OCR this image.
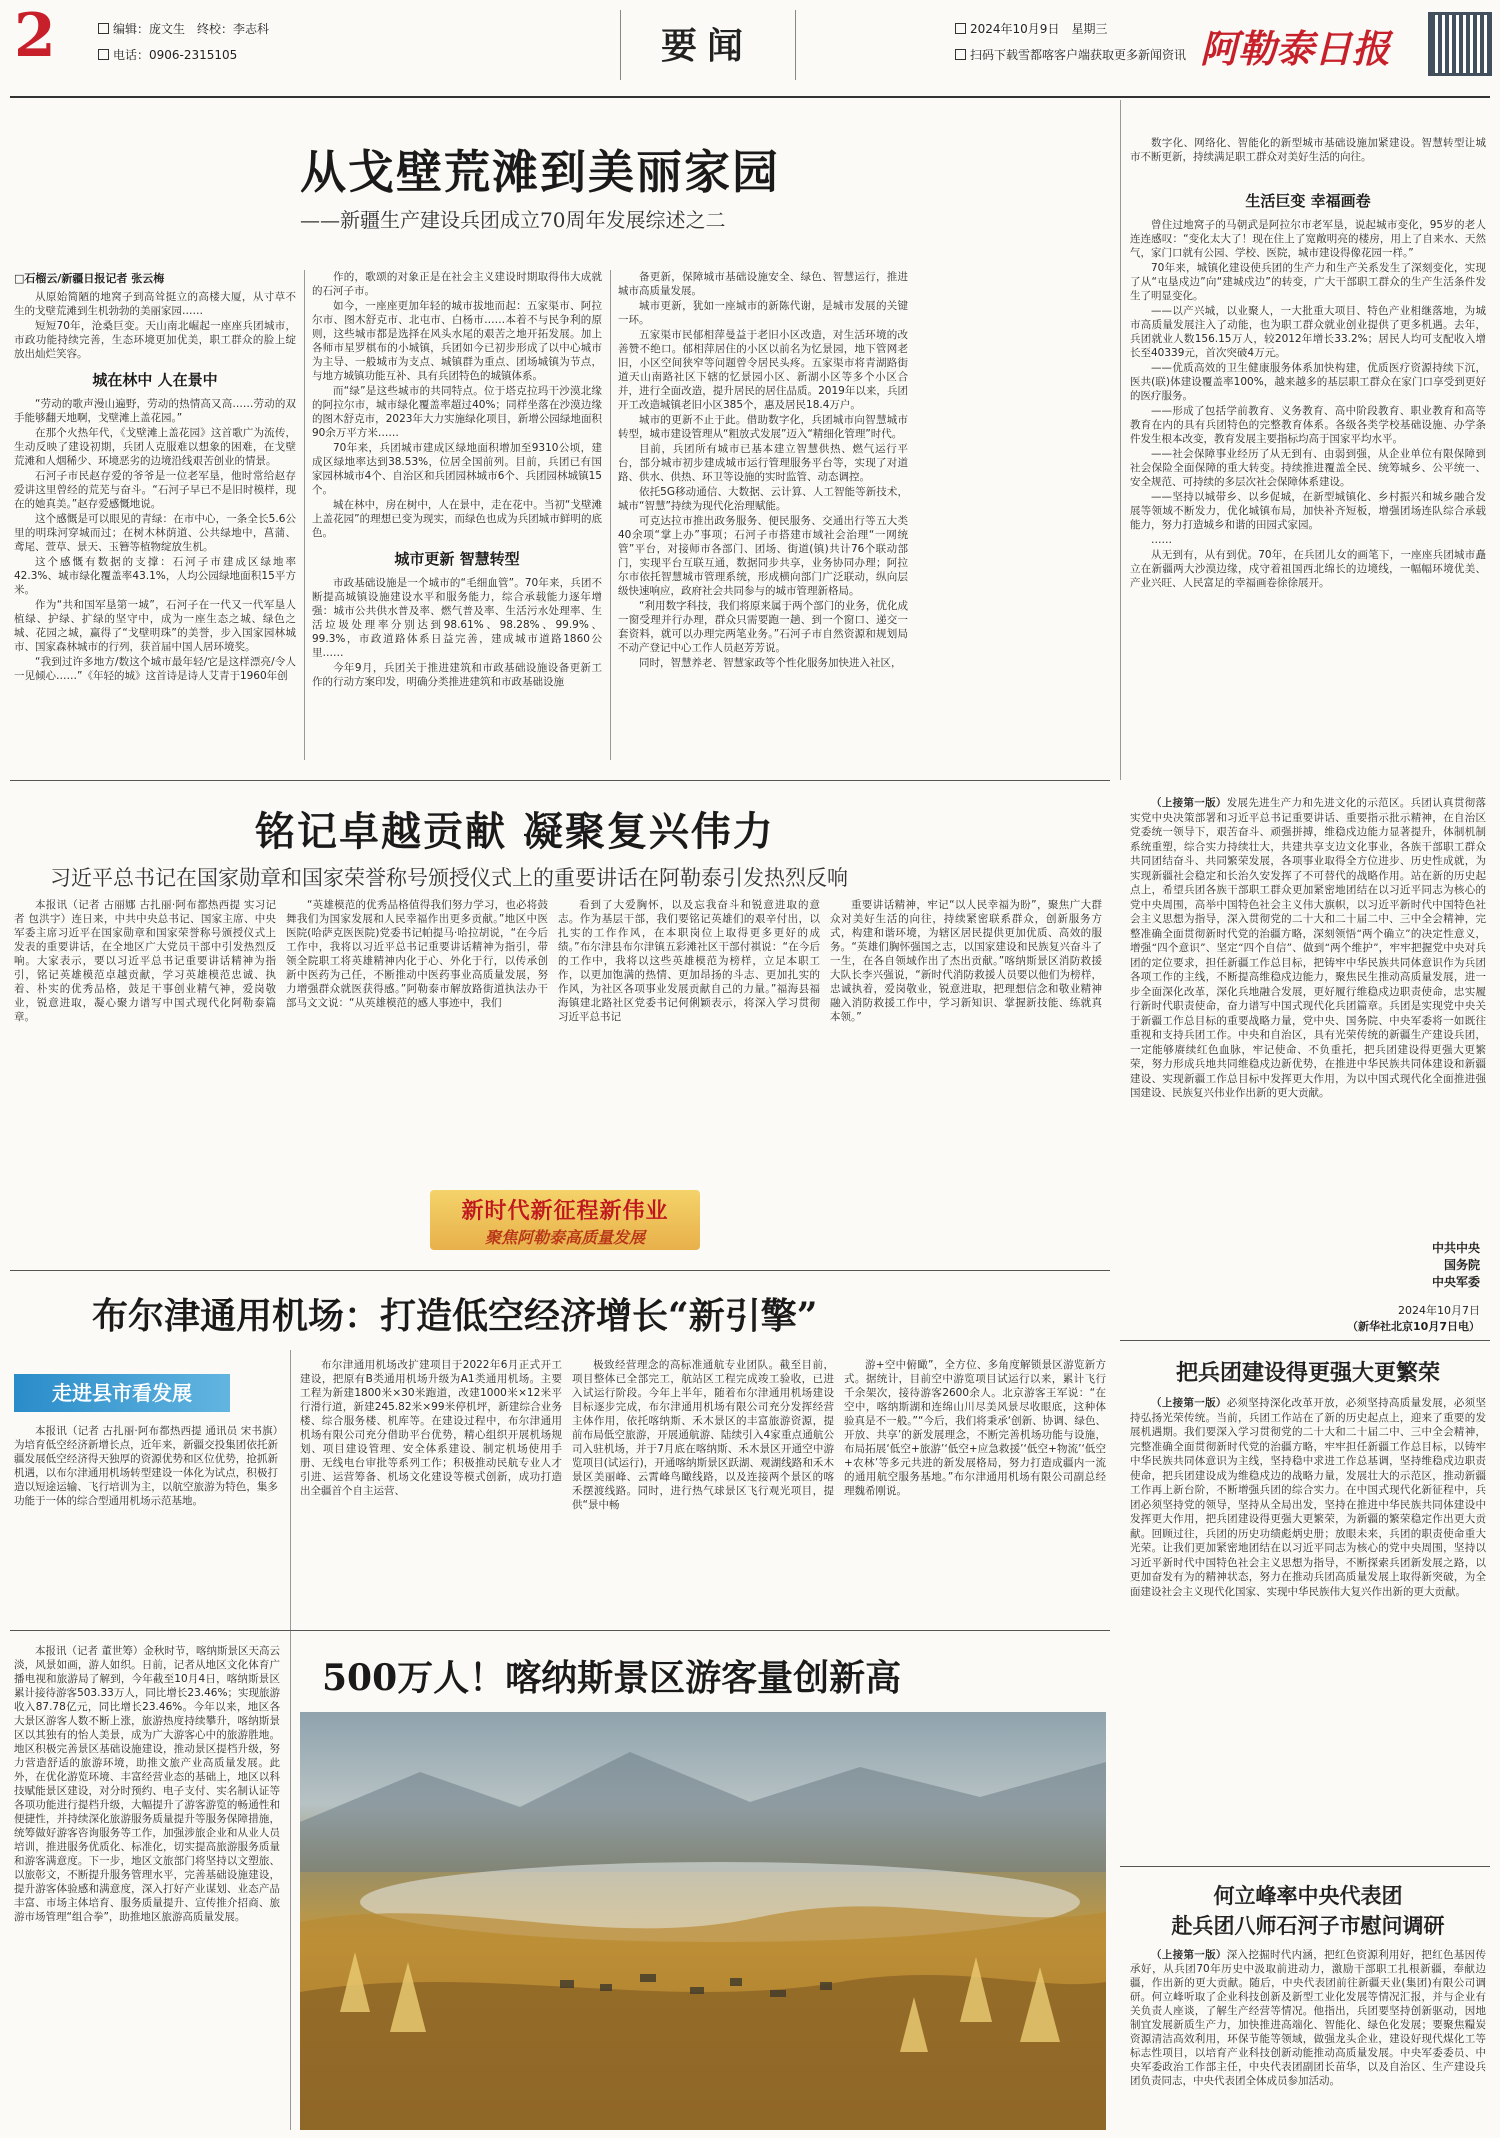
2	编辑：庞文生　终校：李志科
电话：0906-2315105	要闻	2024年10月9日　星期三
扫码下载雪都喀客户端获取更多新闻资讯 阿勒泰日报
从戈壁荒滩到美丽家园
——新疆生产建设兵团成立70周年发展综述之二
□石榴云/新疆日报记者 张云梅

从原始简陋的地窝子到高耸挺立的高楼大厦，从寸草不生的戈壁荒滩到生机勃勃的美丽家园……

短短70年，沧桑巨变。天山南北崛起一座座兵团城市，市政功能持续完善，生态环境更加优美，职工群众的脸上绽放出灿烂笑容。

城在林中 人在景中

“劳动的歌声漫山遍野，劳动的热情高又高……劳动的双手能够翻天地啊，戈壁滩上盖花园。”

在那个火热年代，《戈壁滩上盖花园》这首歌广为流传，生动反映了建设初期，兵团人克服难以想象的困难，在戈壁荒滩和人烟稀少、环境恶劣的边境沿线艰苦创业的情景。

石河子市民赵存爱的爷爷是一位老军垦，他时常给赵存爱讲这里曾经的荒芜与奋斗。“石河子早已不是旧时模样，现在的她真美。”赵存爱感慨地说。

这个感慨是可以眼见的青绿：在市中心，一条全长5.6公里的明珠河穿城而过；在树木林荫道、公共绿地中，菖蒲、鸢尾、萱草、景天、玉簪等植物绽放生机。

这个感慨有数据的支撑：石河子市建成区绿地率42.3%、城市绿化覆盖率43.1%，人均公园绿地面积15平方米。

作为“共和国军垦第一城”，石河子在一代又一代军垦人植绿、护绿、扩绿的坚守中，成为一座生态之城、绿色之城、花园之城，赢得了“戈壁明珠”的美誉，步入国家园林城市、国家森林城市的行列，获首届中国人居环境奖。

“我到过许多地方/数这个城市最年轻/它是这样漂亮/令人一见倾心……”《年轻的城》这首诗是诗人艾青于1960年创

作的，歌颂的对象正是在社会主义建设时期取得伟大成就的石河子市。

如今，一座座更加年轻的城市拔地而起：五家渠市、阿拉尔市、图木舒克市、北屯市、白杨市……本着不与民争利的原则，这些城市都是选择在风头水尾的艰苦之地开拓发展。加上各师市星罗棋布的小城镇，兵团如今已初步形成了以中心城市为主导、一般城市为支点、城镇群为重点、团场城镇为节点，与地方城镇功能互补、具有兵团特色的城镇体系。

而“绿”是这些城市的共同特点。位于塔克拉玛干沙漠北缘的阿拉尔市，城市绿化覆盖率超过40%；同样坐落在沙漠边缘的图木舒克市，2023年大力实施绿化项目，新增公园绿地面积90余万平方米……

70年来，兵团城市建成区绿地面积增加至9310公顷，建成区绿地率达到38.53%，位居全国前列。目前，兵团已有国家园林城市4个、自治区和兵团园林城市6个、兵团园林城镇15个。

城在林中，房在树中，人在景中，走在花中。当初“戈壁滩上盖花园”的理想已变为现实，而绿色也成为兵团城市鲜明的底色。

城市更新 智慧转型

市政基础设施是一个城市的“毛细血管”。70年来，兵团不断提高城镇设施建设水平和服务能力，综合承载能力逐年增强：城市公共供水普及率、燃气普及率、生活污水处理率、生活垃圾处理率分别达到98.61%、98.28%、99.9%、99.3%，市政道路体系日益完善，建成城市道路1860公里……

今年9月，兵团关于推进建筑和市政基础设施设备更新工作的行动方案印发，明确分类推进建筑和市政基础设施

备更新，保障城市基础设施安全、绿色、智慧运行，推进城市高质量发展。

城市更新，犹如一座城市的新陈代谢，是城市发展的关键一环。

五家渠市民郁相萍曼益于老旧小区改造，对生活环境的改善赞不绝口。郁相萍居住的小区以前名为忆景园，地下管网老旧，小区空间狭窄等问题曾令居民头疼。五家渠市将青湖路街道天山南路社区下辖的忆景园小区、新湖小区等多个小区合并，进行全面改造，提升居民的居住品质。2019年以来，兵团开工改造城镇老旧小区385个，惠及居民18.4万户。

城市的更新不止于此。借助数字化，兵团城市向智慧城市转型，城市建设管理从“粗放式发展”迈入“精细化管理”时代。

目前，兵团所有城市已基本建立智慧供热、燃气运行平台，部分城市初步建成城市运行管理服务平台等，实现了对道路、供水、供热、环卫等设施的实时监管、动态调控。

依托5G移动通信、大数据、云计算、人工智能等新技术，城市“智慧”持续为现代化治理赋能。

可克达拉市推出政务服务、便民服务、交通出行等五大类40余项“掌上办”事项；石河子市搭建市域社会治理“一网统管”平台，对接师市各部门、团场、街道(镇)共计76个联动部门，实现平台互联互通，数据同步共享，业务协同办理；阿拉尔市依托智慧城市管理系统，形成横向部门广泛联动，纵向层级快速响应，政府社会共同参与的城市管理新格局。

“利用数字科技，我们将原来属于两个部门的业务，优化成一窗受理并行办理，群众只需要跑一趟、到一个窗口、递交一套资料，就可以办理完两笔业务。”石河子市自然资源和规划局不动产登记中心工作人员赵芳芳说。

同时，智慧养老、智慧家政等个性化服务加快进入社区，

数字化、网络化、智能化的新型城市基础设施加紧建设。智慧转型让城市不断更新，持续满足职工群众对美好生活的向往。

生活巨变 幸福画卷

曾住过地窝子的马朝武是阿拉尔市老军垦，说起城市变化，95岁的老人连连感叹：“变化太大了！现在住上了宽敞明亮的楼房，用上了自来水、天然气，家门口就有公园、学校、医院，城市建设得像花园一样。”

70年来，城镇化建设使兵团的生产力和生产关系发生了深刻变化，实现了从“屯垦戍边”向“建城戍边”的转变，广大干部职工群众的生产生活条件发生了明显变化。

——以产兴城，以业聚人，一大批重大项目、特色产业相继落地，为城市高质量发展注入了动能，也为职工群众就业创业提供了更多机遇。去年，兵团就业人数156.15万人，较2012年增长33.2%；居民人均可支配收入增长至40339元，首次突破4万元。

——优质高效的卫生健康服务体系加快构建，优质医疗资源持续下沉，医共(联)体建设覆盖率100%，越来越多的基层职工群众在家门口享受到更好的医疗服务。

——形成了包括学前教育、义务教育、高中阶段教育、职业教育和高等教育在内的具有兵团特色的完整教育体系。各级各类学校基础设施、办学条件发生根本改变，教育发展主要指标均高于国家平均水平。

——社会保障事业经历了从无到有、由弱到强，从企业单位有限保障到社会保险全面保障的重大转变。持续推进覆盖全民、统筹城乡、公平统一、安全规范、可持续的多层次社会保障体系建设。

——坚持以城带乡、以乡促城，在新型城镇化、乡村振兴和城乡融合发展等领域不断发力，优化城镇布局，加快补齐短板，增强团场连队综合承载能力，努力打造城乡和谐的田园式家园。

……

从无到有，从有到优。70年，在兵团儿女的画笔下，一座座兵团城市矗立在新疆两大沙漠边缘，戍守着祖国西北绵长的边境线，一幅幅环境优美、产业兴旺、人民富足的幸福画卷徐徐展开。

铭记卓越贡献 凝聚复兴伟力
习近平总书记在国家勋章和国家荣誉称号颁授仪式上的重要讲话在阿勒泰引发热烈反响

本报讯（记者 古丽娜 古扎丽·阿布都热西提 实习记者 包洪宇）连日来，中共中央总书记、国家主席、中央军委主席习近平在国家勋章和国家荣誉称号颁授仪式上发表的重要讲话，在全地区广大党员干部中引发热烈反响。大家表示，要以习近平总书记重要讲话精神为指引，铭记英雄模范卓越贡献，学习英雄模范忠诚、执着、朴实的优秀品格，鼓足干事创业精气神，爱岗敬业，锐意进取，凝心聚力谱写中国式现代化阿勒泰篇章。

“英雄模范的优秀品格值得我们努力学习，也必将鼓舞我们为国家发展和人民幸福作出更多贡献。”地区中医医院(哈萨克医医院)党委书记帕提马·哈拉胡说，“在今后工作中，我将以习近平总书记重要讲话精神为指引，带领全院职工将英雄精神内化于心、外化于行，以传承创新中医药为己任，不断推动中医药事业高质量发展，努力增强群众就医获得感。”阿勒泰市解放路街道执法办干部马文文说：“从英雄模范的感人事迹中，我们

看到了大爱胸怀，以及忘我奋斗和锐意进取的意志。作为基层干部，我们要铭记英雄们的艰辛付出，以扎实的工作作风，在本职岗位上取得更多更好的成绩。”布尔津县布尔津镇五彩滩社区干部付祺说：“在今后的工作中，我将以这些英雄模范为榜样，立足本职工作，以更加饱满的热情、更加昂扬的斗志、更加扎实的作风，为社区各项事业发展贡献自己的力量。”福海县福海镇建北路社区党委书记何俐颖表示，将深入学习贯彻习近平总书记

重要讲话精神，牢记“以人民幸福为盼”，聚焦广大群众对美好生活的向往，持续紧密联系群众，创新服务方式，构建和谐环境，为辖区居民提供更加优质、高效的服务。“英雄们胸怀强国之志，以国家建设和民族复兴奋斗了一生，在各自领域作出了杰出贡献。”喀纳斯景区消防救援大队长李兴强说，“新时代消防救援人员要以他们为榜样，忠诚执着，爱岗敬业，锐意进取，把理想信念和敬业精神融入消防救援工作中，学习新知识、掌握新技能、练就真本领。”

（上接第一版）发展先进生产力和先进文化的示范区。兵团认真贯彻落实党中央决策部署和习近平总书记重要讲话、重要指示批示精神，在自治区党委统一领导下，艰苦奋斗、顽强拼搏，维稳戍边能力显著提升，体制机制系统重塑，综合实力持续壮大，共建共享支边文化事业，各族干部职工群众共同团结奋斗、共同繁荣发展，各项事业取得全方位进步、历史性成就，为实现新疆社会稳定和长治久安发挥了不可替代的战略作用。站在新的历史起点上，希望兵团各族干部职工群众更加紧密地团结在以习近平同志为核心的党中央周围，高举中国特色社会主义伟大旗帜，以习近平新时代中国特色社会主义思想为指导，深入贯彻党的二十大和二十届二中、三中全会精神，完整准确全面贯彻新时代党的治疆方略，深刻领悟“两个确立”的决定性意义，增强“四个意识”、坚定“四个自信”、做到“两个维护”，牢牢把握党中央对兵团的定位要求，担任新疆工作总目标，把铸牢中华民族共同体意识作为兵团各项工作的主线，不断提高维稳戍边能力，聚焦民生推动高质量发展，进一步全面深化改革，深化兵地融合发展，更好履行维稳戍边职责使命，忠实履行新时代职责使命，奋力谱写中国式现代化兵团篇章。兵团是实现党中央关于新疆工作总目标的重要战略力量，党中央、国务院、中央军委将一如既往重视和支持兵团工作。中央和自治区，具有光荣传统的新疆生产建设兵团，一定能够赓续红色血脉，牢记使命、不负重托，把兵团建设得更强大更繁荣，努力形成兵地共同维稳戍边新优势，在推进中华民族共同体建设和新疆建设、实现新疆工作总目标中发挥更大作用，为以中国式现代化全面推进强国建设、民族复兴伟业作出新的更大贡献。

中共中央
国务院
中央军委
2024年10月7日
（新华社北京10月7日电）
新时代新征程新伟业
聚焦阿勒泰高质量发展
布尔津通用机场：打造低空经济增长“新引擎”
走进县市看发展

本报讯（记者 古扎丽·阿布都热西提 通讯员 宋书旗）为培育低空经济新增长点，近年来，新疆交投集团依托新疆发展低空经济得天独厚的资源优势和区位优势，抢抓新机遇，以布尔津通用机场转型建设一体化为试点，积极打造以短途运输、飞行培训为主，以航空旅游为特色，集多功能于一体的综合型通用机场示范基地。

布尔津通用机场改扩建项目于2022年6月正式开工建设，把原有B类通用机场升级为A1类通用机场。主要工程为新建1800米×30米跑道，改建1000米×12米平行滑行道，新建245.82米×99米停机坪，新建综合业务楼、综合服务楼、机库等。在建设过程中，布尔津通用机场有限公司充分借助平台优势，精心组织开展机场规划、项目建设管理、安全体系建设、制定机场使用手册、无线电台审批等系列工作；积极推动民航专业人才引进、运营筹备、机场文化建设等模式创新，成功打造出全疆首个自主运营、

极致经营理念的高标准通航专业团队。截至目前，项目整体已全部完工，航站区工程完成竣工验收，已进入试运行阶段。今年上半年，随着布尔津通用机场建设目标逐步完成，布尔津通用机场有限公司充分发挥经营主体作用，依托喀纳斯、禾木景区的丰富旅游资源，提前布局低空旅游，开展通航游、陆续引入4家重点通航公司入驻机场，并于7月底在喀纳斯、禾木景区开通空中游览项目(试运行)，开通喀纳斯景区跃湖、观湖线路和禾木景区美丽峰、云霄峰鸟瞰线路，以及连接两个景区的喀禾摆渡线路。同时，进行热气球景区飞行观光项目，提供“景中畅

游+空中俯瞰”，全方位、多角度解锁景区游览新方式。据统计，目前空中游览项目试运行以来，累计飞行千余架次，接待游客2600余人。北京游客王军说：“在空中，喀纳斯湖和连绵山川尽美风景尽收眼底，这种体验真是不一般。”“今后，我们将秉承‘创新、协调、绿色、开放、共享’的新发展理念，不断完善机场功能与设施，布局拓展‘低空+旅游’‘低空+应急救援’‘低空+物流’‘低空+农林’等多元共进的新发展格局，努力打造成疆内一流的通用航空服务基地。”布尔津通用机场有限公司副总经理魏希刚说。

本报讯（记者 董世筹）金秋时节，喀纳斯景区天高云淡，风景如画，游人如织。日前，记者从地区文化体育广播电视和旅游局了解到，今年截至10月4日，喀纳斯景区累计接待游客503.33万人，同比增长23.46%；实现旅游收入87.78亿元，同比增长23.46%。今年以来，地区各大景区游客人数不断上涨，旅游热度持续攀升，喀纳斯景区以其独有的怡人美景，成为广大游客心中的旅游胜地。地区积极完善景区基础设施建设，推动景区提档升级，努力营造舒适的旅游环境，助推文旅产业高质量发展。此外，在优化游览环境、丰富经营业态的基础上，地区以科技赋能景区建设，对分时预约、电子支付、实名制认证等各项功能进行提档升级，大幅提升了游客游览的畅通性和便捷性，并持续深化旅游服务质量提升等服务保障措施，统筹做好游客咨询服务等工作，加强涉旅企业和从业人员培训，推进服务优质化、标准化，切实提高旅游服务质量和游客满意度。下一步，地区文旅部门将坚持以文塑旅、以旅彰文，不断提升服务管理水平，完善基础设施建设，提升游客体验感和满意度，深入打好产业谋划、业态产品丰富、市场主体培育、服务质量提升、宣传推介招商、旅游市场管理“组合拳”，助推地区旅游高质量发展。

500万人！喀纳斯景区游客量创新高
把兵团建设得更强大更繁荣

（上接第一版）必须坚持深化改革开放，必须坚持高质量发展，必须坚持弘扬光荣传统。当前，兵团工作站在了新的历史起点上，迎来了重要的发展机遇期。我们要深入学习贯彻党的二十大和二十届二中、三中全会精神，完整准确全面贯彻新时代党的治疆方略，牢牢担任新疆工作总目标，以铸牢中华民族共同体意识为主线，坚持稳中求进工作总基调，坚持维稳戍边职责使命，把兵团建设成为维稳戍边的战略力量，发展壮大的示范区，推动新疆工作再上新台阶，不断增强兵团的综合实力。在中国式现代化新征程中，兵团必须坚持党的领导，坚持从全局出发，坚持在推进中华民族共同体建设中发挥更大作用，把兵团建设得更强大更繁荣，为新疆的繁荣稳定作出更大贡献。回顾过往，兵团的历史功绩彪炳史册；放眼未来，兵团的职责使命重大光荣。让我们更加紧密地团结在以习近平同志为核心的党中央周围，坚持以习近平新时代中国特色社会主义思想为指导，不断探索兵团新发展之路，以更加奋发有为的精神状态，努力在推动兵团高质量发展上取得新突破，为全面建设社会主义现代化国家、实现中华民族伟大复兴作出新的更大贡献。

何立峰率中央代表团
赴兵团八师石河子市慰问调研

（上接第一版）深入挖掘时代内涵，把红色资源利用好，把红色基因传承好，从兵团70年历史中汲取前进动力，激励干部职工扎根新疆，奉献边疆，作出新的更大贡献。随后，中央代表团前往新疆天业(集团)有限公司调研。何立峰听取了企业科技创新及新型工业化发展等情况汇报，并与企业有关负责人座谈，了解生产经营等情况。他指出，兵团要坚持创新驱动，因地制宜发展新质生产力，加快推进高端化、智能化、绿色化发展；要聚焦糧炭资源清洁高效利用，环保节能等领域，做强龙头企业，建设好现代煤化工等标志性项目，以培育产业科技创新动能推动高质量发展。中央军委委员、中央军委政治工作部主任，中央代表团副团长苗华，以及自治区、生产建设兵团负责同志，中央代表团全体成员参加活动。
